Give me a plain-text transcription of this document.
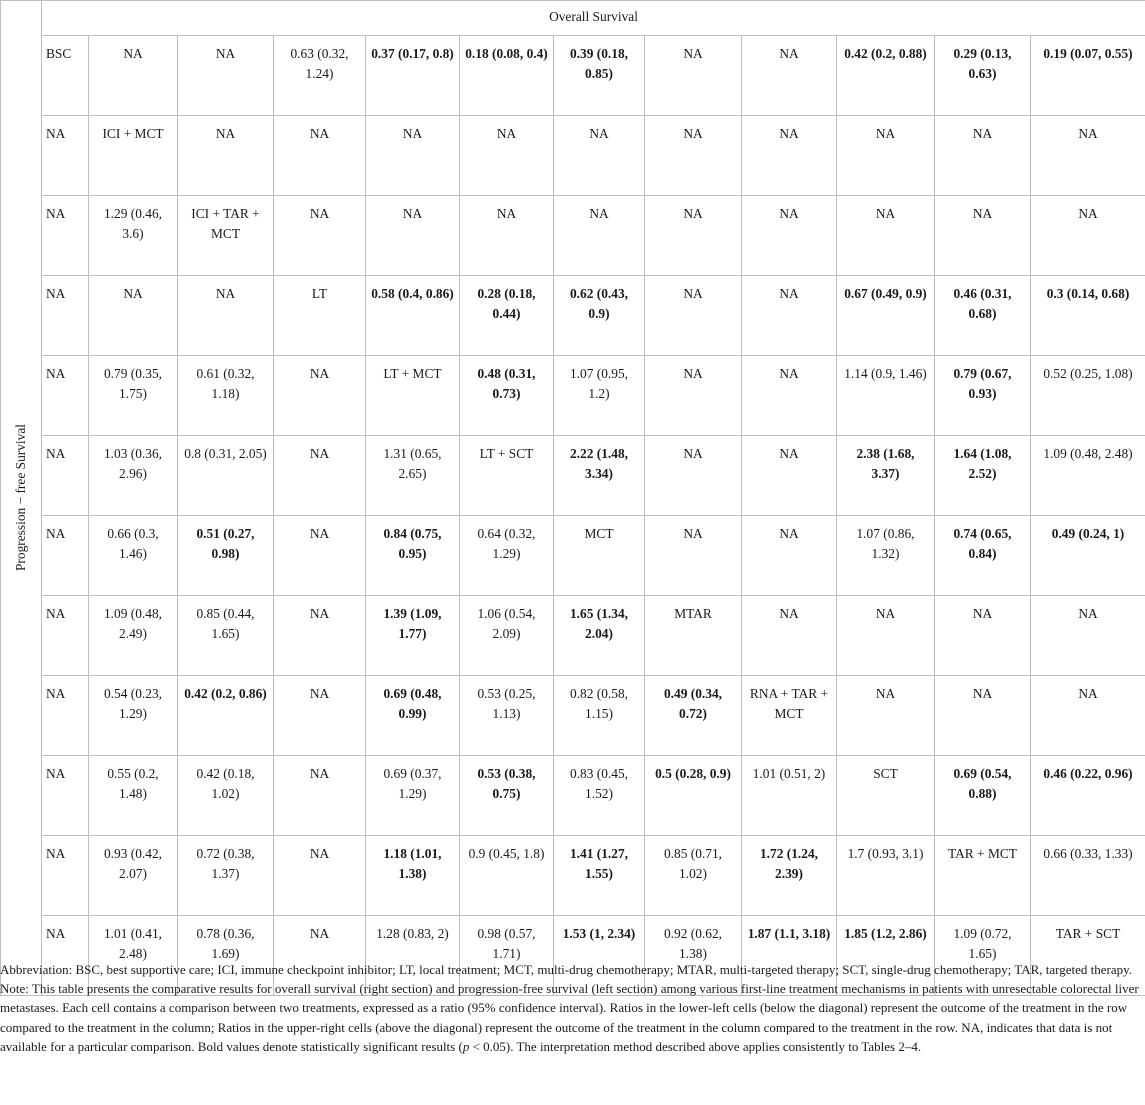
Progression − free Survival	Overall Survival											
	BSC	NA	NA	0.63 (0.32, 1.24)	0.37 (0.17, 0.8)	0.18 (0.08, 0.4)	0.39 (0.18, 0.85)	NA	NA	0.42 (0.2, 0.88)	0.29 (0.13, 0.63)	0.19 (0.07, 0.55)
	NA	ICI + MCT	NA	NA	NA	NA	NA	NA	NA	NA	NA	NA
	NA	1.29 (0.46, 3.6)	ICI + TAR + MCT	NA	NA	NA	NA	NA	NA	NA	NA	NA
	NA	NA	NA	LT	0.58 (0.4, 0.86)	0.28 (0.18, 0.44)	0.62 (0.43, 0.9)	NA	NA	0.67 (0.49, 0.9)	0.46 (0.31, 0.68)	0.3 (0.14, 0.68)
	NA	0.79 (0.35, 1.75)	0.61 (0.32, 1.18)	NA	LT + MCT	0.48 (0.31, 0.73)	1.07 (0.95, 1.2)	NA	NA	1.14 (0.9, 1.46)	0.79 (0.67, 0.93)	0.52 (0.25, 1.08)
	NA	1.03 (0.36, 2.96)	0.8 (0.31, 2.05)	NA	1.31 (0.65, 2.65)	LT + SCT	2.22 (1.48, 3.34)	NA	NA	2.38 (1.68, 3.37)	1.64 (1.08, 2.52)	1.09 (0.48, 2.48)
	NA	0.66 (0.3, 1.46)	0.51 (0.27, 0.98)	NA	0.84 (0.75, 0.95)	0.64 (0.32, 1.29)	MCT	NA	NA	1.07 (0.86, 1.32)	0.74 (0.65, 0.84)	0.49 (0.24, 1)
	NA	1.09 (0.48, 2.49)	0.85 (0.44, 1.65)	NA	1.39 (1.09, 1.77)	1.06 (0.54, 2.09)	1.65 (1.34, 2.04)	MTAR	NA	NA	NA	NA
	NA	0.54 (0.23, 1.29)	0.42 (0.2, 0.86)	NA	0.69 (0.48, 0.99)	0.53 (0.25, 1.13)	0.82 (0.58, 1.15)	0.49 (0.34, 0.72)	RNA + TAR + MCT	NA	NA	NA
	NA	0.55 (0.2, 1.48)	0.42 (0.18, 1.02)	NA	0.69 (0.37, 1.29)	0.53 (0.38, 0.75)	0.83 (0.45, 1.52)	0.5 (0.28, 0.9)	1.01 (0.51, 2)	SCT	0.69 (0.54, 0.88)	0.46 (0.22, 0.96)
	NA	0.93 (0.42, 2.07)	0.72 (0.38, 1.37)	NA	1.18 (1.01, 1.38)	0.9 (0.45, 1.8)	1.41 (1.27, 1.55)	0.85 (0.71, 1.02)	1.72 (1.24, 2.39)	1.7 (0.93, 3.1)	TAR + MCT	0.66 (0.33, 1.33)
	NA	1.01 (0.41, 2.48)	0.78 (0.36, 1.69)	NA	1.28 (0.83, 2)	0.98 (0.57, 1.71)	1.53 (1, 2.34)	0.92 (0.62, 1.38)	1.87 (1.1, 3.18)	1.85 (1.2, 2.86)	1.09 (0.72, 1.65)	TAR + SCT

Abbreviation: BSC, best supportive care; ICI, immune checkpoint inhibitor; LT, local treatment; MCT, multi-drug chemotherapy; MTAR, multi-targeted therapy; SCT, single-drug chemotherapy; TAR, targeted therapy.

Note: This table presents the comparative results for overall survival (right section) and progression-free survival (left section) among various first-line treatment mechanisms in patients with unresectable colorectal liver metastases. Each cell contains a comparison between two treatments, expressed as a ratio (95% confidence interval). Ratios in the lower-left cells (below the diagonal) represent the outcome of the treatment in the row compared to the treatment in the column; Ratios in the upper-right cells (above the diagonal) represent the outcome of the treatment in the column compared to the treatment in the row. NA, indicates that data is not available for a particular comparison. Bold values denote statistically significant results (p < 0.05). The interpretation method described above applies consistently to Tables 2–4.
